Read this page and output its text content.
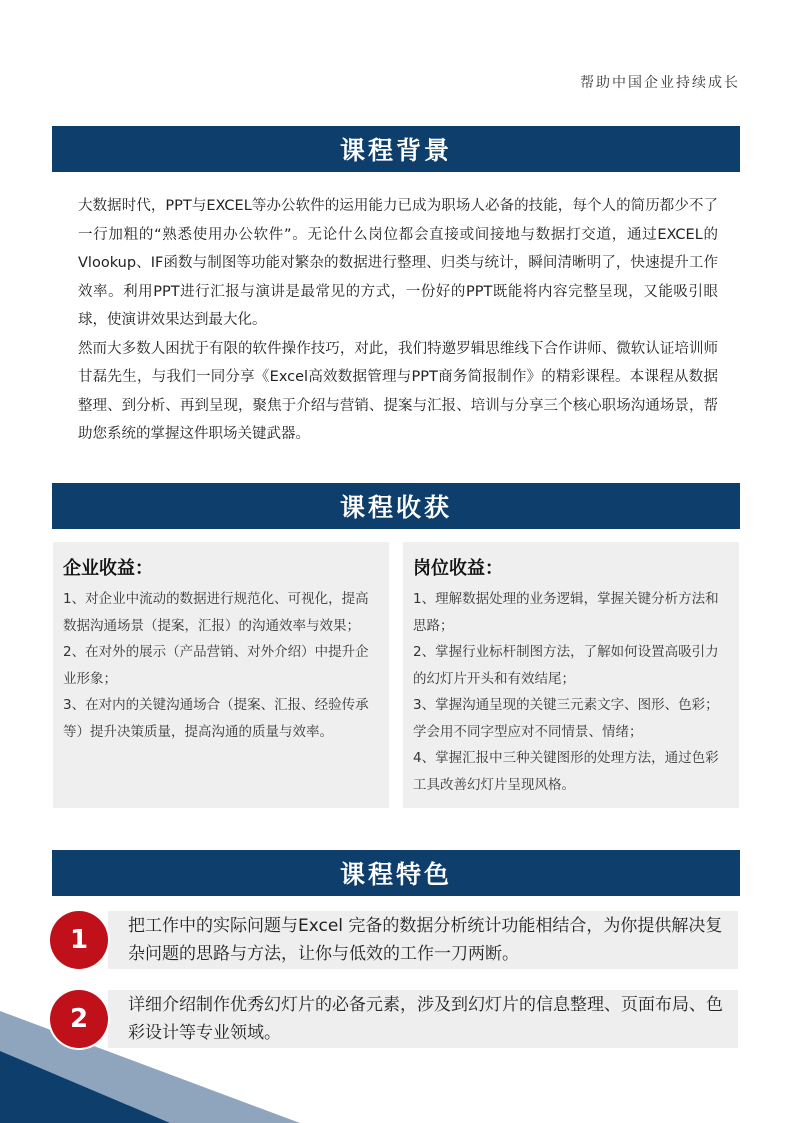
帮助中国企业持续成长
课程背景

大数据时代，PPT与EXCEL等办公软件的运用能力已成为职场人必备的技能，每个人的简历都少不了一行加粗的“熟悉使用办公软件”。无论什么岗位都会直接或间接地与数据打交道，通过EXCEL的Vlookup、IF函数与制图等功能对繁杂的数据进行整理、归类与统计，瞬间清晰明了，快速提升工作效率。利用PPT进行汇报与演讲是最常见的方式，一份好的PPT既能将内容完整呈现，又能吸引眼球，使演讲效果达到最大化。

然而大多数人困扰于有限的软件操作技巧，对此，我们特邀罗辑思维线下合作讲师、微软认证培训师甘磊先生，与我们一同分享《Excel高效数据管理与PPT商务简报制作》的精彩课程。本课程从数据整理、到分析、再到呈现，聚焦于介绍与营销、提案与汇报、培训与分享三个核心职场沟通场景，帮助您系统的掌握这件职场关键武器。

课程收获
企业收益：

1、对企业中流动的数据进行规范化、可视化，提高数据沟通场景（提案，汇报）的沟通效率与效果；

2、在对外的展示（产品营销、对外介绍）中提升企业形象；

3、在对内的关键沟通场合（提案、汇报、经验传承等）提升决策质量，提高沟通的质量与效率。

岗位收益：

1、理解数据处理的业务逻辑，掌握关键分析方法和思路；

2、掌握行业标杆制图方法，了解如何设置高吸引力的幻灯片开头和有效结尾；

3、掌握沟通呈现的关键三元素文字、图形、色彩；学会用不同字型应对不同情景、情绪；

4、掌握汇报中三种关键图形的处理方法，通过色彩工具改善幻灯片呈现风格。

课程特色
把工作中的实际问题与Excel 完备的数据分析统计功能相结合，为你提供解决复杂问题的思路与方法，让你与低效的工作一刀两断。
1
详细介绍制作优秀幻灯片的必备元素，涉及到幻灯片的信息整理、页面布局、色彩设计等专业领域。
2
